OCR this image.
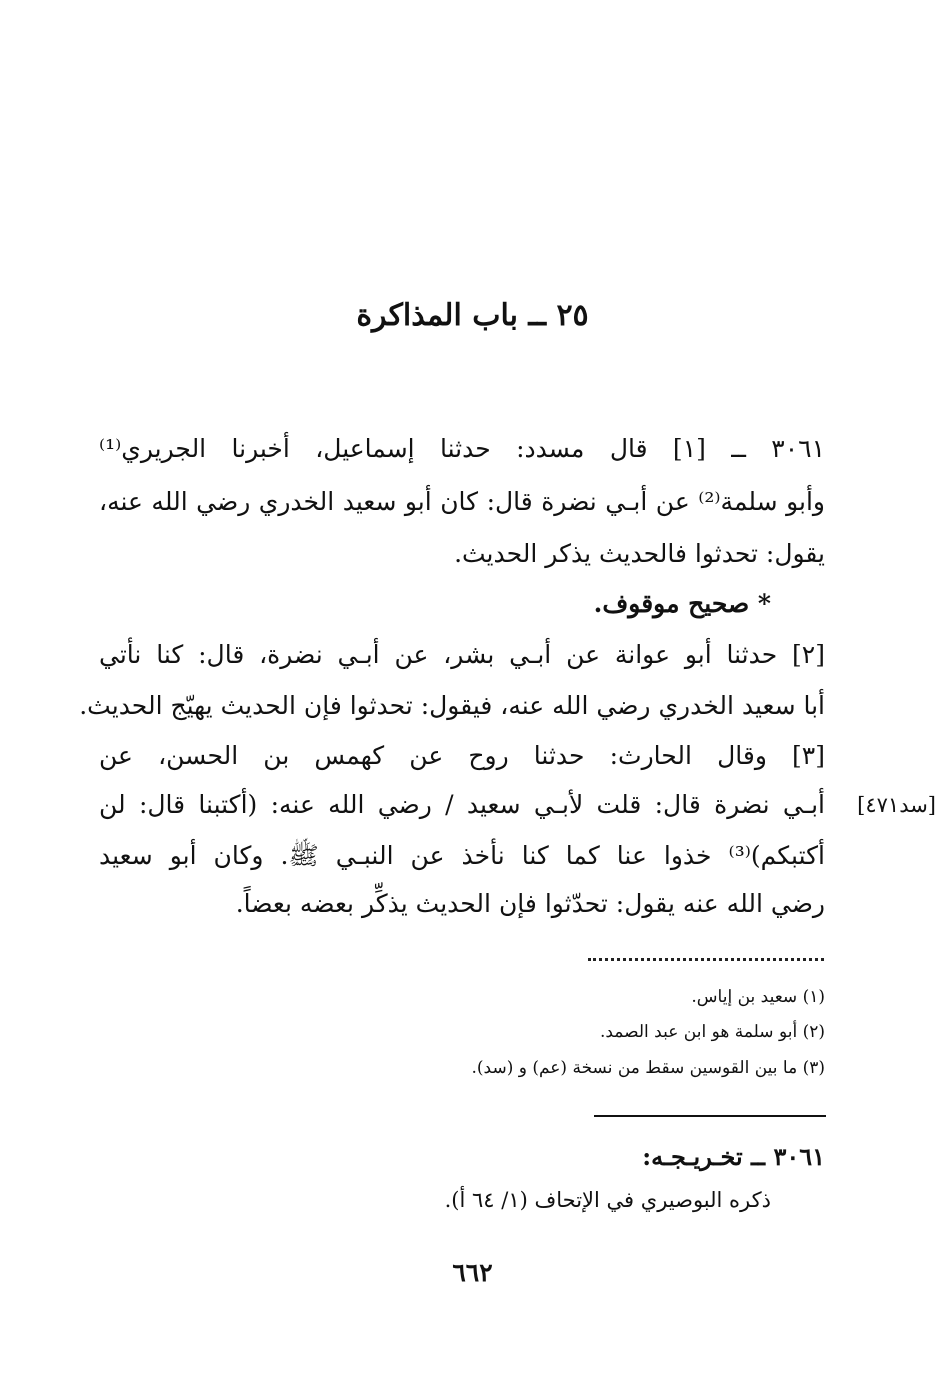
٢٥ ــ باب المذاكرة
٣٠٦١ ــ [١] قال مسدد: حدثنا إسماعيل، أخبرنا الجريري⁽¹⁾
وأبو سلمة⁽²⁾ عن أبـي نضرة قال: كان أبو سعيد الخدري رضي الله عنه،
يقول: تحدثوا فالحديث يذكر الحديث.
* صحيح موقوف.
[٢] حدثنا أبو عوانة عن أبـي بشر، عن أبـي نضرة، قال: كنا نأتي
أبا سعيد الخدري رضي الله عنه، فيقول: تحدثوا فإن الحديث يهيّج الحديث.
[٣] وقال الحارث: حدثنا روح عن كهمس بن الحسن، عن
أبـي نضرة قال: قلت لأبـي سعيد / رضي الله عنه: (أكتبنا قال: لن
أكتبكم)⁽³⁾ خذوا عنا كما كنا نأخذ عن النبـي ﷺ. وكان أبو سعيد
رضي الله عنه يقول: تحدّثوا فإن الحديث يذكِّر بعضه بعضاً.
[سد٤٧١]
(١) سعيد بن إياس.
(٢) أبو سلمة هو ابن عبد الصمد.
(٣) ما بين القوسين سقط من نسخة (عم) و (سد).
٣٠٦١ ــ تخـريـجـه:
ذكره البوصيري في الإتحاف (١/ ٦٤ أ).
٦٦٢
